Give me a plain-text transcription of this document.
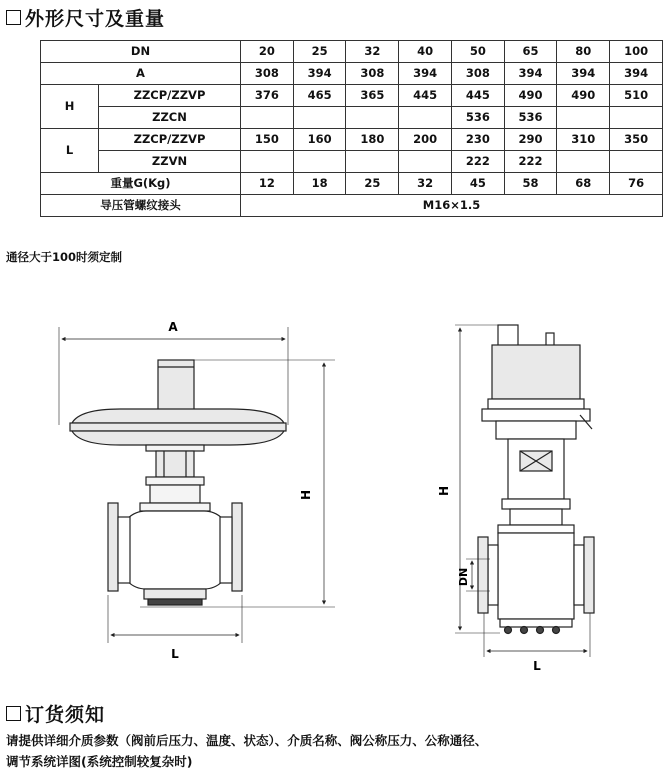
外形尺寸及重量
DN		20	25	32	40	50	65	80	100
A		308	394	308	394	308	394	394	394
H	ZZCP/ZZVP	376	465	365	445	445	490	490	510
	ZZCN					536	536		
L	ZZCP/ZZVP	150	160	180	200	230	290	310	350
	ZZVN					222	222		
重量G(Kg)		12	18	25	32	45	58	68	76
导压管螺纹接头		M16×1.5							
通径大于100时须定制
A
H
L
H
DN
L
订货须知
请提供详细介质参数（阀前后压力、温度、状态）、介质名称、阀公称压力、公称通径、
调节系统详图(系统控制较复杂时)
